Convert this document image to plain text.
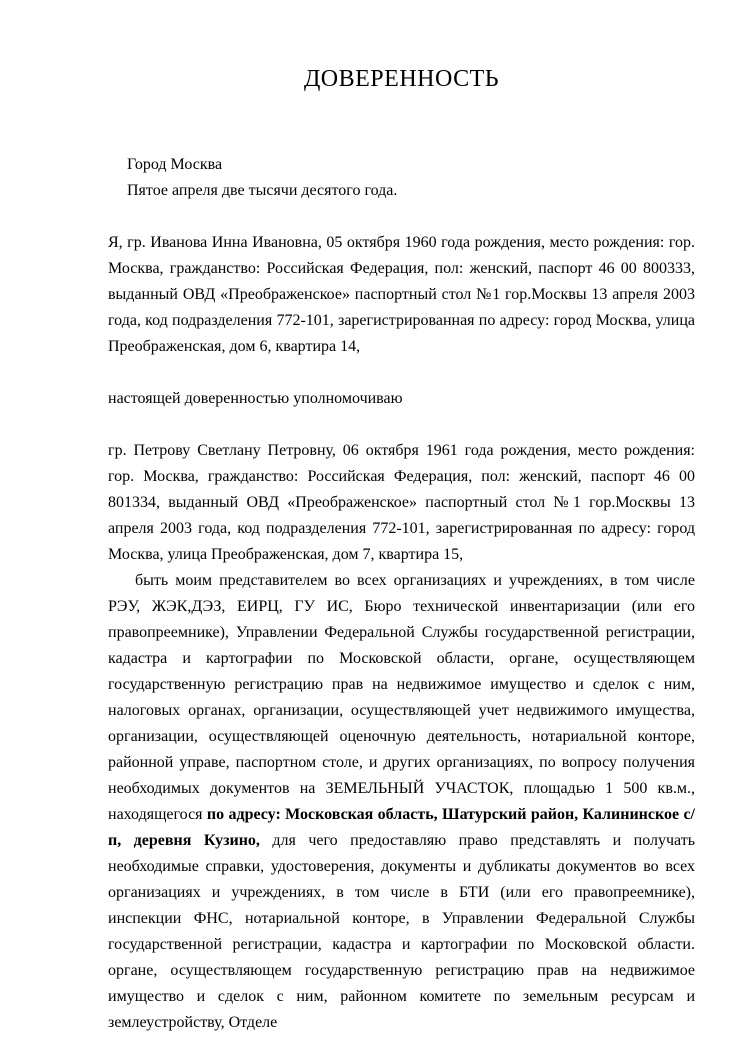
ДОВЕРЕННОСТЬ

Город Москва

Пятое апреля две тысячи десятого года.

Я, гр. Иванова Инна Ивановна, 05 октября 1960 года рождения, место рождения: гор. Москва, гражданство: Российская Федерация, пол: женский, паспорт 46 00 800333, выданный ОВД «Преображенское» паспортный стол №1 гор.Москвы 13 апреля 2003 года, код подразделения 772-101, зарегистрированная по адресу: город Москва, улица Преображенская, дом 6, квартира 14,

настоящей доверенностью уполномочиваю

гр. Петрову Светлану Петровну, 06 октября 1961 года рождения, место рождения: гор. Москва, гражданство: Российская Федерация, пол: женский, паспорт 46 00 801334, выданный ОВД «Преображенское» паспортный стол №1 гор.Москвы 13 апреля 2003 года, код подразделения 772-101, зарегистрированная по адресу: город Москва, улица Преображенская, дом 7, квартира 15,

быть моим представителем во всех организациях и учреждениях, в том числе РЭУ, ЖЭК,ДЭЗ, ЕИРЦ, ГУ ИС, Бюро технической инвентаризации (или его правопреемнике), Управлении Федеральной Службы государственной регистрации, кадастра и картографии по Московской области, органе, осуществляющем государственную регистрацию прав на недвижимое имущество и сделок с ним, налоговых органах, организации, осуществляющей учет недвижимого имущества, организации, осуществляющей оценочную деятельность, нотариальной конторе, районной управе, паспортном столе, и других организациях, по вопросу получения необходимых документов на ЗЕМЕЛЬНЫЙ УЧАСТОК, площадью 1 500 кв.м., находящегося по адресу: Московская область, Шатурский район, Калининское с/п, деревня Кузино, для чего предоставляю право представлять и получать необходимые справки, удостоверения, документы и дубликаты документов во всех организациях и учреждениях, в том числе в БТИ (или его правопреемнике), инспекции ФНС, нотариальной конторе, в Управлении Федеральной Службы государственной регистрации, кадастра и картографии по Московской области. органе, осуществляющем государственную регистрацию прав на недвижимое имущество и сделок с ним, районном комитете по земельным ресурсам и землеустройству, Отделе
